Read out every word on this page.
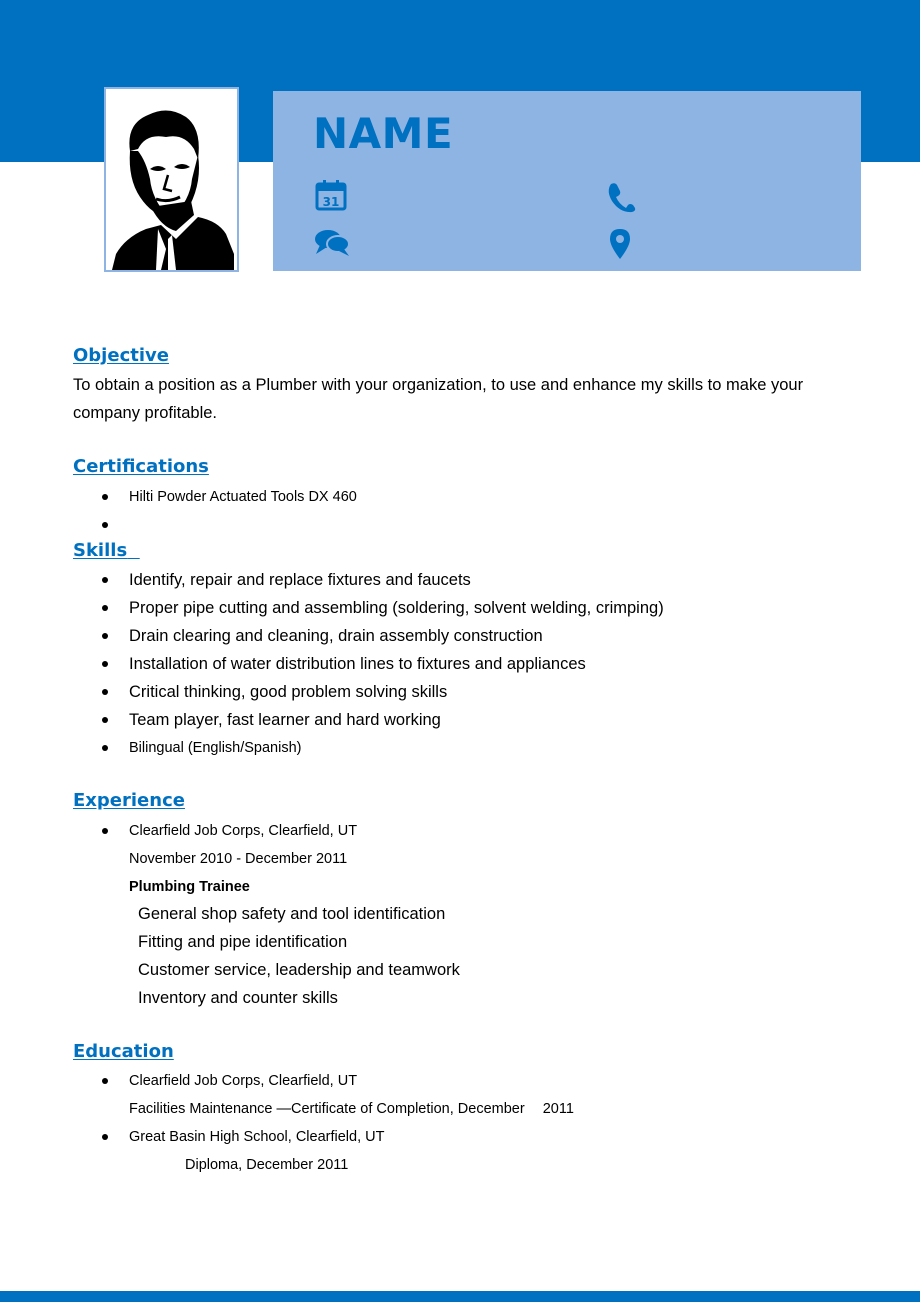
NAME
31
Objective

To obtain a position as a Plumber with your organization, to use and enhance my skills to make your company profitable.

Certifications
Hilti Powder Actuated Tools DX 460
Skills
Identify, repair and replace fixtures and faucets
Proper pipe cutting and assembling (soldering, solvent welding, crimping)
Drain clearing and cleaning, drain assembly construction
Installation of water distribution lines to fixtures and appliances
Critical thinking, good problem solving skills
Team player, fast learner and hard working
Bilingual (English/Spanish)
Experience
Clearfield Job Corps, Clearfield, UT

November 2010 - December 2011

Plumbing Trainee

General shop safety and tool identification

Fitting and pipe identification

Customer service, leadership and teamwork

Inventory and counter skills

Education
Clearfield Job Corps, Clearfield, UT

Facilities Maintenance —Certificate of Completion, December 2011

Great Basin High School, Clearfield, UT

Diploma, December 2011
